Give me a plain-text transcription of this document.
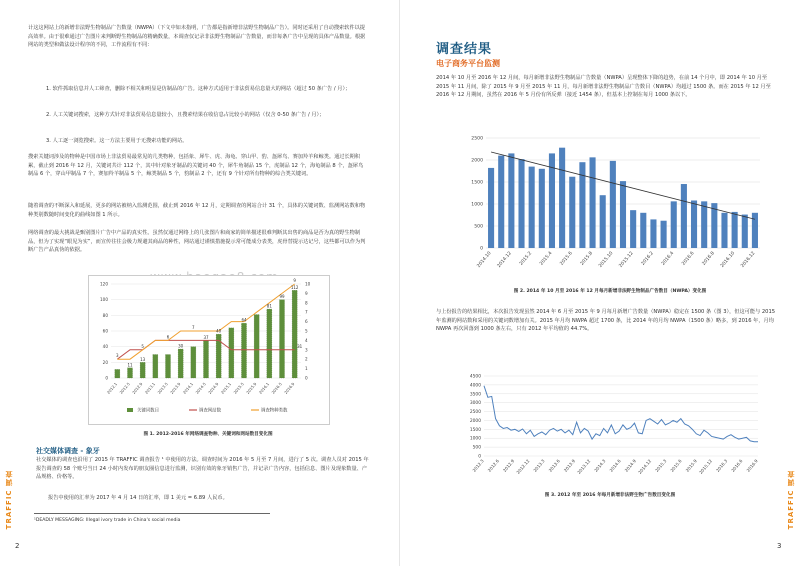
计这这网站上的新增非法野生物制品广告数量（NWPA）（下文中如未指明，广告都是指新增非法野生物制品广告）。同时还采用了自动搜索软件以提高效率。由于很难通过广告图片来判断野生物制品的精确数量，本调查仅记录非法野生物制品广告数量，而非每条广告中呈现的具体产品数量。根据网站的类型和做法设计程序的不同，工作流程有不同：
1. 软件抓取信息并人工筛查，删除不相关和明显是仿制品的广告。这种方式适用于非法贸易信息量大的网站（超过 50 条广告 / 月）；
2. 人工关键词搜索，这种方式针对非法贸易信息量较小，且搜索结果在收信息占比较小的网站（仅含 0-50 条广告 / 月）；
3. 人工逐一浏览搜索。这一方法主要用于无搜索功能的网站。
搜索关键词涉及的物种是中国市场上非法贸易最常见的几类物种，包括象、犀牛、虎、海龟、穿山甲、豹、盔犀鸟、赛加羚羊和鲸类。通过长期积累，截止到 2016 年 12 月，关键词共计 112 个，其中针对象牙制品的关键词 40 个，犀牛角制品 15 个，虎制品 12 个，海龟制品 8 个，盔犀鸟制品 6 个，穿山甲制品 7 个，赛加羚羊制品 5 个，鲸类制品 5 个，豹制品 2 个，还有 9 个针对所有物种的综合类关键词。
随着调查的不断深入和延展，更多的网站被纳入监测范围，截止到 2016 年 12 月，定期调查的网站合计 31 个，具体的关键词数、监测网站数和物种类别数随时间变化的曲线如图 1 所示。
网络调查的最大挑战是甄别图片广告中产品的真实性。虽然仅通过网络上的几张图片和商家的简单描述很难判断其出售的商品是否为真的野生物制品，但为了实现“眼见为实”，而宣传往往会极力规避其商品的种性，网站通过谨慎措施提示常可能成分表类，虎骨替提示达记号，这些都可以作为判断广告产品真伪的依据。
0
20
40
60
80
100
120
0
1
2
3
4
5
6
7
8
9
10
2012.1 2012.5 2012.9 2013.1 2013.5 2013.9 2014.1 2014.5 2014.9 2015.1 2015.5 2015.9 2016.1 2016.5 2016.9
11
13
30
37
40
64
81
99
112
3
5
6
7
9
31
关键词数目	调查网站数	调查物种类数
图 1. 2012-2016 年网络调查物种、关键词和网站数目变化图
社交媒体调查 - 象牙
社交媒体的调查也沿用了 2015 年 TRAFFIC 调查报告 ¹ 中使用的方法。调查时间为 2016 年 5 月至 7 月间，进行了 5 次。调查人员对 2015 年报告调查的 58 个账号当日 24 小时内发布的朋友圈信息进行监测，识别有效的象牙销售广告，并记录广告内容，包括信息、图片及现象数量、产品规格、价格等。
报告中使用的汇率为 2017 年 4 月 14 日的汇率，即 1 美元 = 6.89 人民币。
¹DEADLY MESSAGING: Illegal ivory trade in China's social media
TRAFFIC 调查
2
调查结果
电子商务平台监测
2014 年 10 月至 2016 年 12 月间，每月新增非法野生物制品广告数量（NWPA）呈现整体下降的趋势，在前 14 个月中，即 2014 年 10 月至 2015 年 11 月间，除了 2015 年 9 月至 2015 年 11 月，每月新增非法野生物制品广告数目（NWPA）均超过 1500 条。而在 2015 年 12 月至 2016 年 12 月期间，虽然在 2016 年 5 月份有所反弹（接近 1454 条），但基本上控制在每月 1000 条以下。
0
500
1000
1500
2000
2500
2014.10 2014.12 2015.2 2015.4 2015.6 2015.8 2015.10 2015.12 2016.2 2016.4 2016.6 2016.8 2016.10 2016.12
图 2. 2014 年 10 月至 2016 年 12 月每月新增非法野生物制品广告数目（NWPA）变化图
与上份报告的结果相比，本次报告发现虽然 2014 年 6 月至 2015 年 9 月每月新增广告数量（NWPA）稳定在 1500 条（图 3），但这可能与 2015 年监测的网站数和采用的关键词数增加有关。2015 年月均 NWPA 超过 1700 条，比 2014 年的月均 NWPA（1500 条）略多，到 2016 年，月均 NWPA 再次回落到 1000 条左右，只有 2012 年平均值的 44.7%。
0
500
1000
1500
2000
2500
3000
3500
4000
4500
2012.3 2012.6 2012.9 2012.12 2013.3 2013.6 2013.9 2013.12 2014.3 2014.6 2014.9 2014.12 2015.3 2015.6 2015.9 2015.12 2016.3 2016.6 2016.9
图 3. 2012 年至 2016 年每月新增非法野生物广告数目变化图	TRAFFIC 调查
3
